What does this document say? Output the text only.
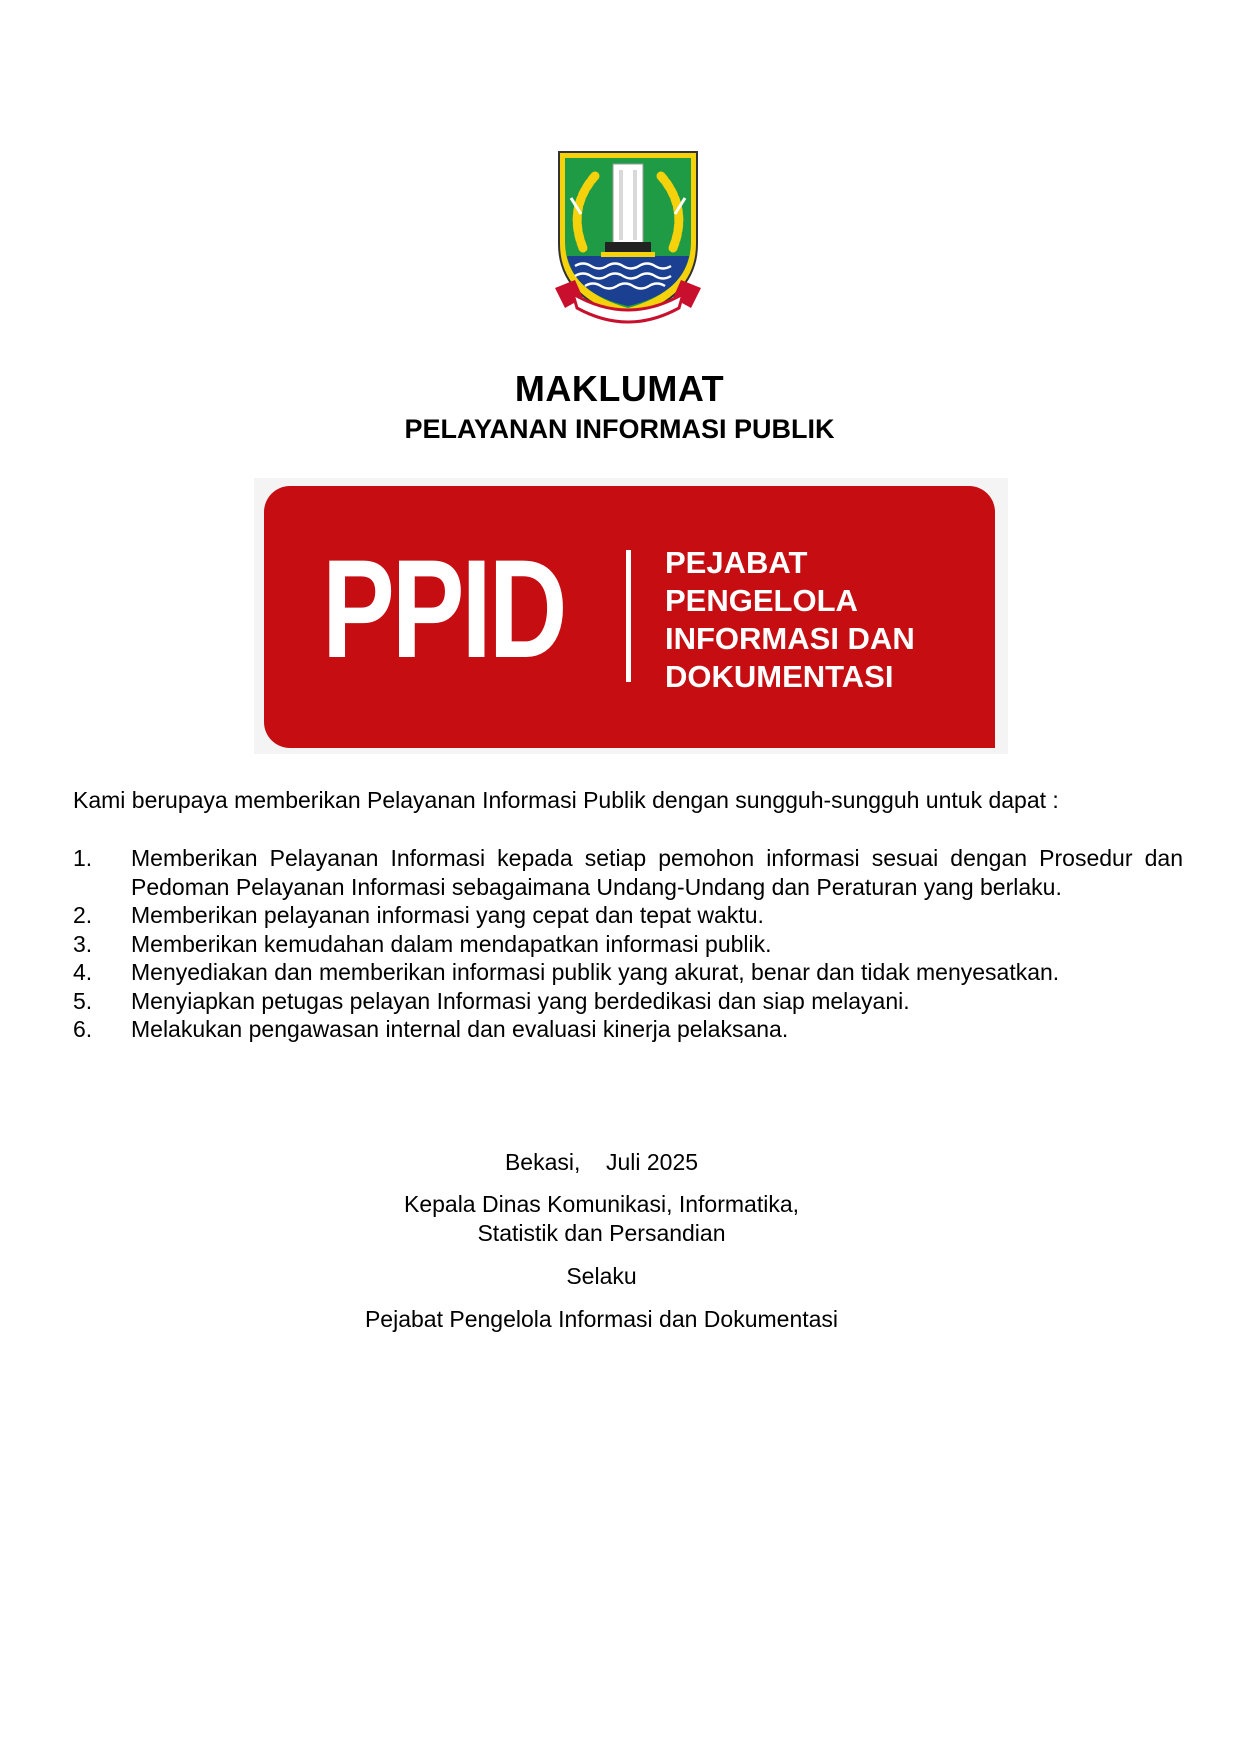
MAKLUMAT
PELAYANAN INFORMASI PUBLIK
PPID	PEJABAT
PENGELOLA
INFORMASI DAN
DOKUMENTASI
Kami berupaya memberikan Pelayanan Informasi Publik dengan sungguh-sungguh untuk dapat :
1. Memberikan Pelayanan Informasi kepada setiap pemohon informasi sesuai dengan Prosedur dan Pedoman Pelayanan Informasi sebagaimana Undang-Undang dan Peraturan yang berlaku.
2. Memberikan pelayanan informasi yang cepat dan tepat waktu.
3. Memberikan kemudahan dalam mendapatkan informasi publik.
4. Menyediakan dan memberikan informasi publik yang akurat, benar dan tidak menyesatkan.
5. Menyiapkan petugas pelayan Informasi yang berdedikasi dan siap melayani.
6. Melakukan pengawasan internal dan evaluasi kinerja pelaksana.
Bekasi,    Juli 2025
Kepala Dinas Komunikasi, Informatika,
Statistik dan Persandian
Selaku
Pejabat Pengelola Informasi dan Dokumentasi
